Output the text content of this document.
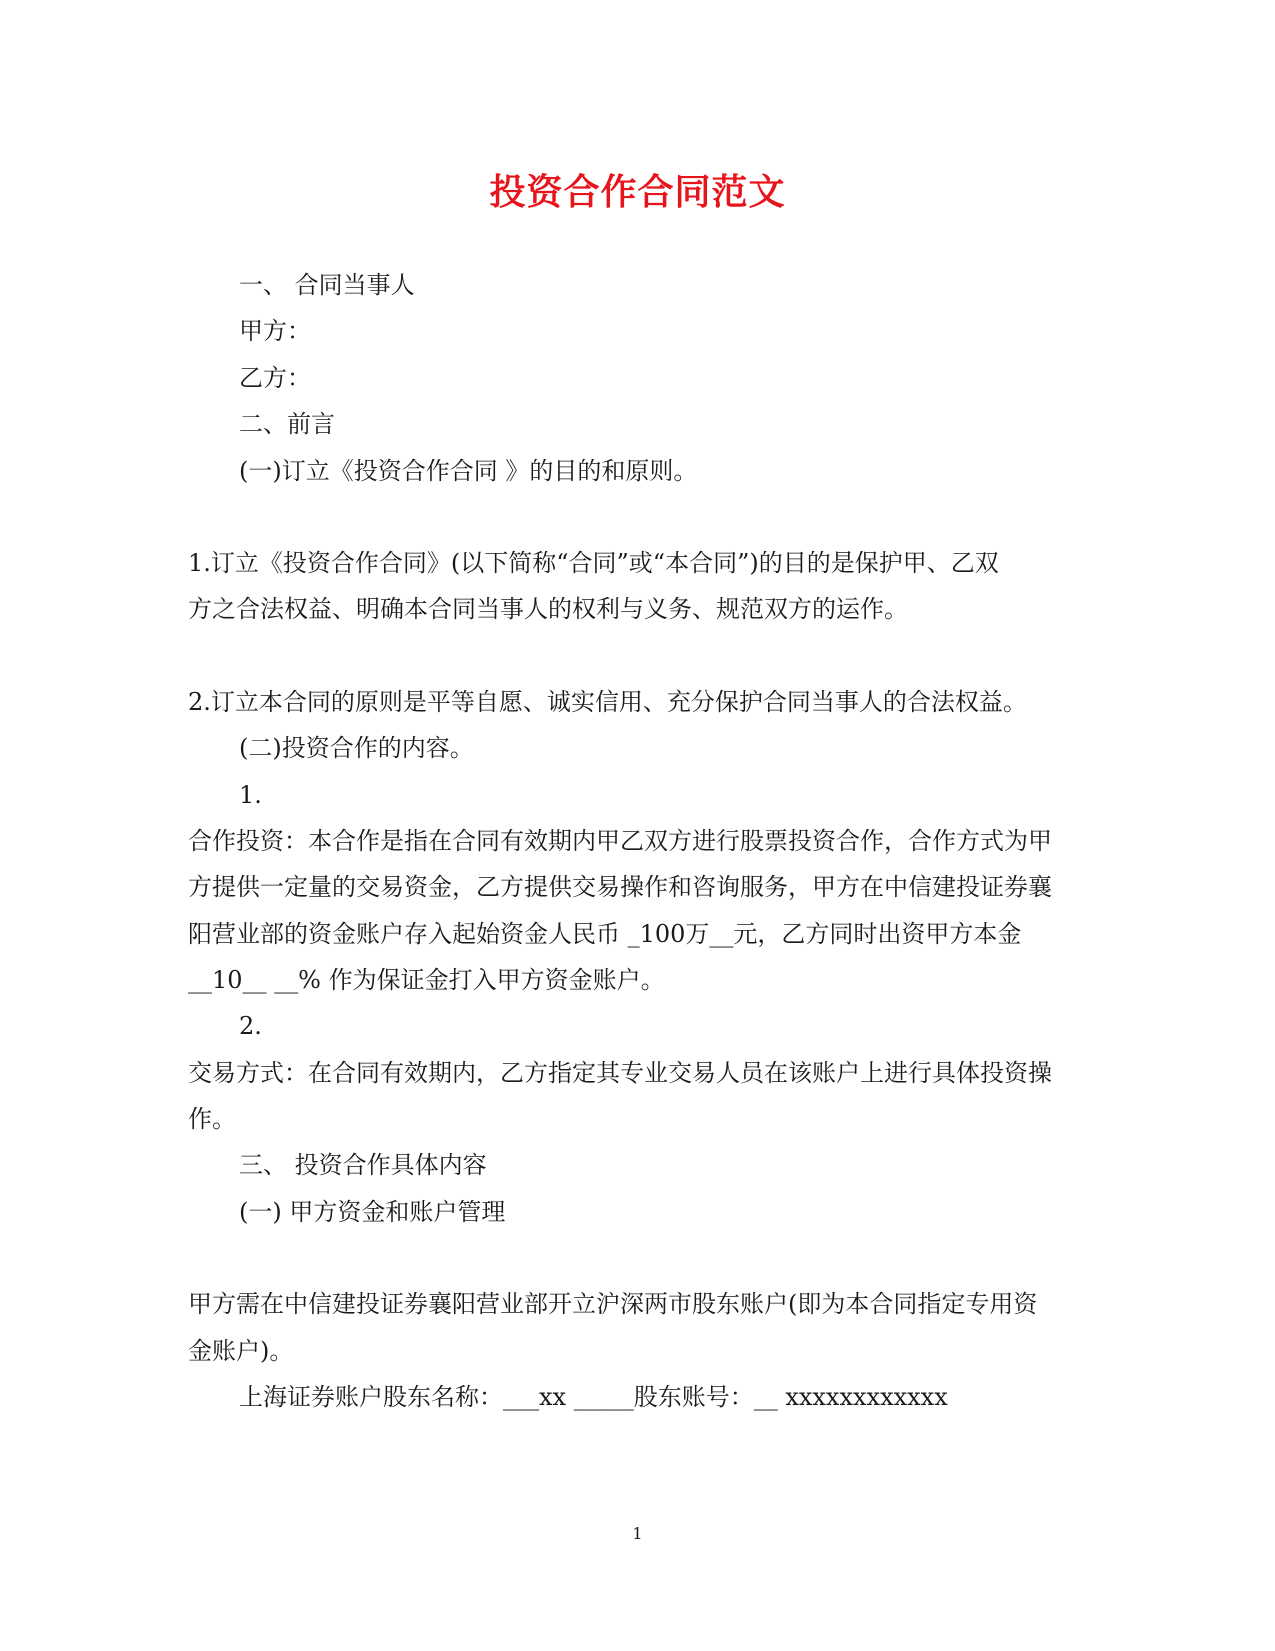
投资合作合同范文
一、 合同当事人
甲方：
乙方：
二、前言
(一)订立《投资合作合同 》的目的和原则。
1.订立《投资合作合同》(以下简称“合同”或“本合同”)的目的是保护甲、乙双
方之合法权益、明确本合同当事人的权利与义务、规范双方的运作。
2.订立本合同的原则是平等自愿、诚实信用、充分保护合同当事人的合法权益。
(二)投资合作的内容。
1.
合作投资：本合作是指在合同有效期内甲乙双方进行股票投资合作，合作方式为甲
方提供一定量的交易资金，乙方提供交易操作和咨询服务，甲方在中信建投证券襄
阳营业部的资金账户存入起始资金人民币 _100万__元，乙方同时出资甲方本金
__10__ __% 作为保证金打入甲方资金账户。
2.
交易方式：在合同有效期内，乙方指定其专业交易人员在该账户上进行具体投资操
作。
三、 投资合作具体内容
(一) 甲方资金和账户管理
甲方需在中信建投证券襄阳营业部开立沪深两市股东账户(即为本合同指定专用资
金账户)。
上海证券账户股东名称：___xx _____股东账号：__ xxxxxxxxxxxx
1
